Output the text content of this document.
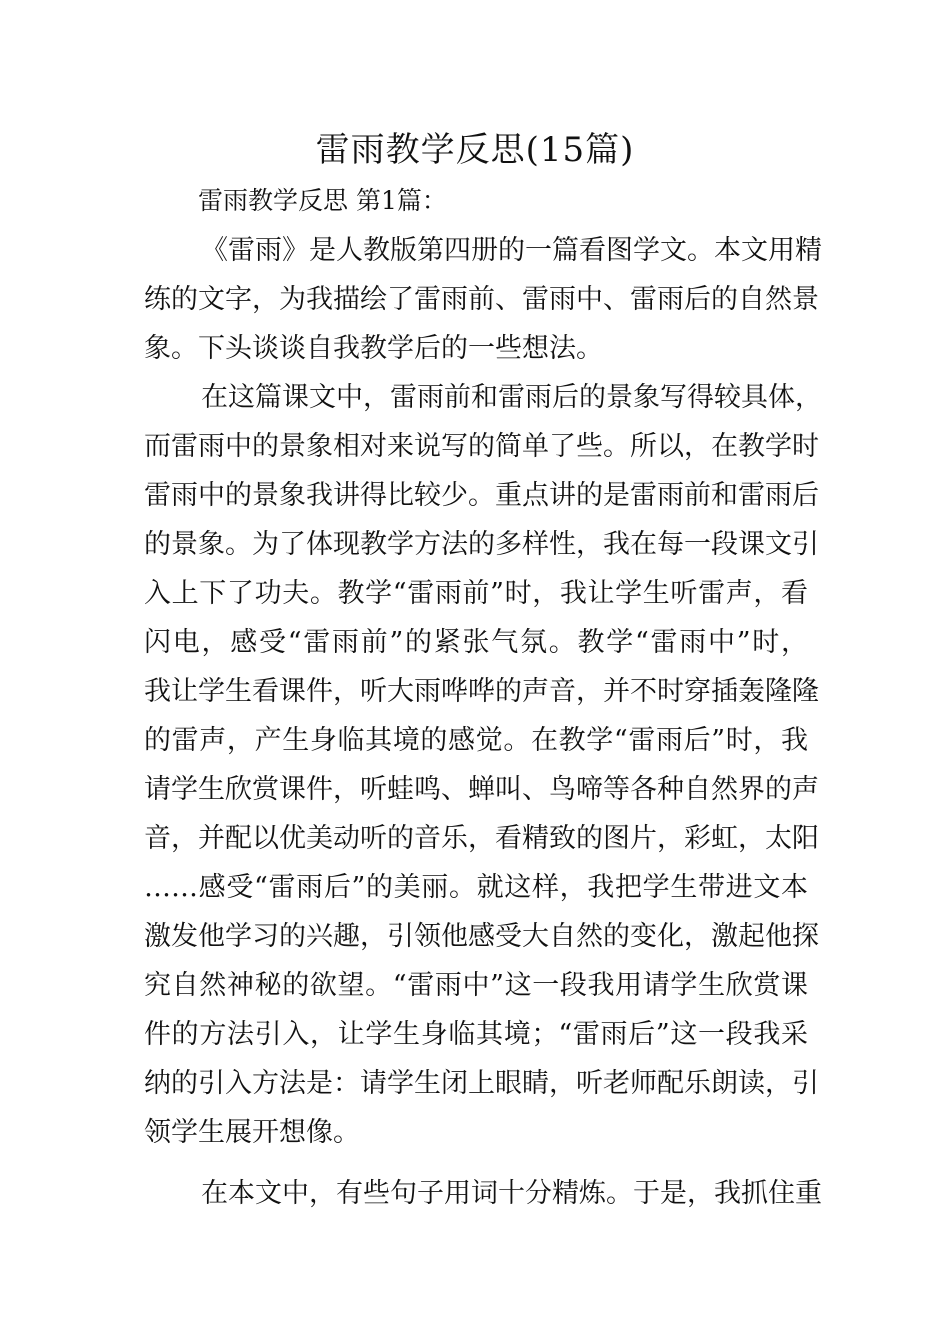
雷雨教学反思(15篇)
雷雨教学反思 第1篇：
《雷雨》是人教版第四册的一篇看图学文。本文用精
练的文字，为我描绘了雷雨前、雷雨中、雷雨后的自然景
象。下头谈谈自我教学后的一些想法。
在这篇课文中，雷雨前和雷雨后的景象写得较具体，
而雷雨中的景象相对来说写的简单了些。所以，在教学时
雷雨中的景象我讲得比较少。重点讲的是雷雨前和雷雨后
的景象。为了体现教学方法的多样性，我在每一段课文引
入上下了功夫。教学“雷雨前”时，我让学生听雷声，看
闪电，感受“雷雨前”的紧张气氛。教学“雷雨中”时，
我让学生看课件，听大雨哗哗的声音，并不时穿插轰隆隆
的雷声，产生身临其境的感觉。在教学“雷雨后”时，我
请学生欣赏课件，听蛙鸣、蝉叫、鸟啼等各种自然界的声
音，并配以优美动听的音乐，看精致的图片，彩虹，太阳
……感受“雷雨后”的美丽。就这样，我把学生带进文本
激发他学习的兴趣，引领他感受大自然的变化，激起他探
究自然神秘的欲望。“雷雨中”这一段我用请学生欣赏课
件的方法引入，让学生身临其境；“雷雨后”这一段我采
纳的引入方法是：请学生闭上眼睛，听老师配乐朗读，引
领学生展开想像。
在本文中，有些句子用词十分精炼。于是，我抓住重
